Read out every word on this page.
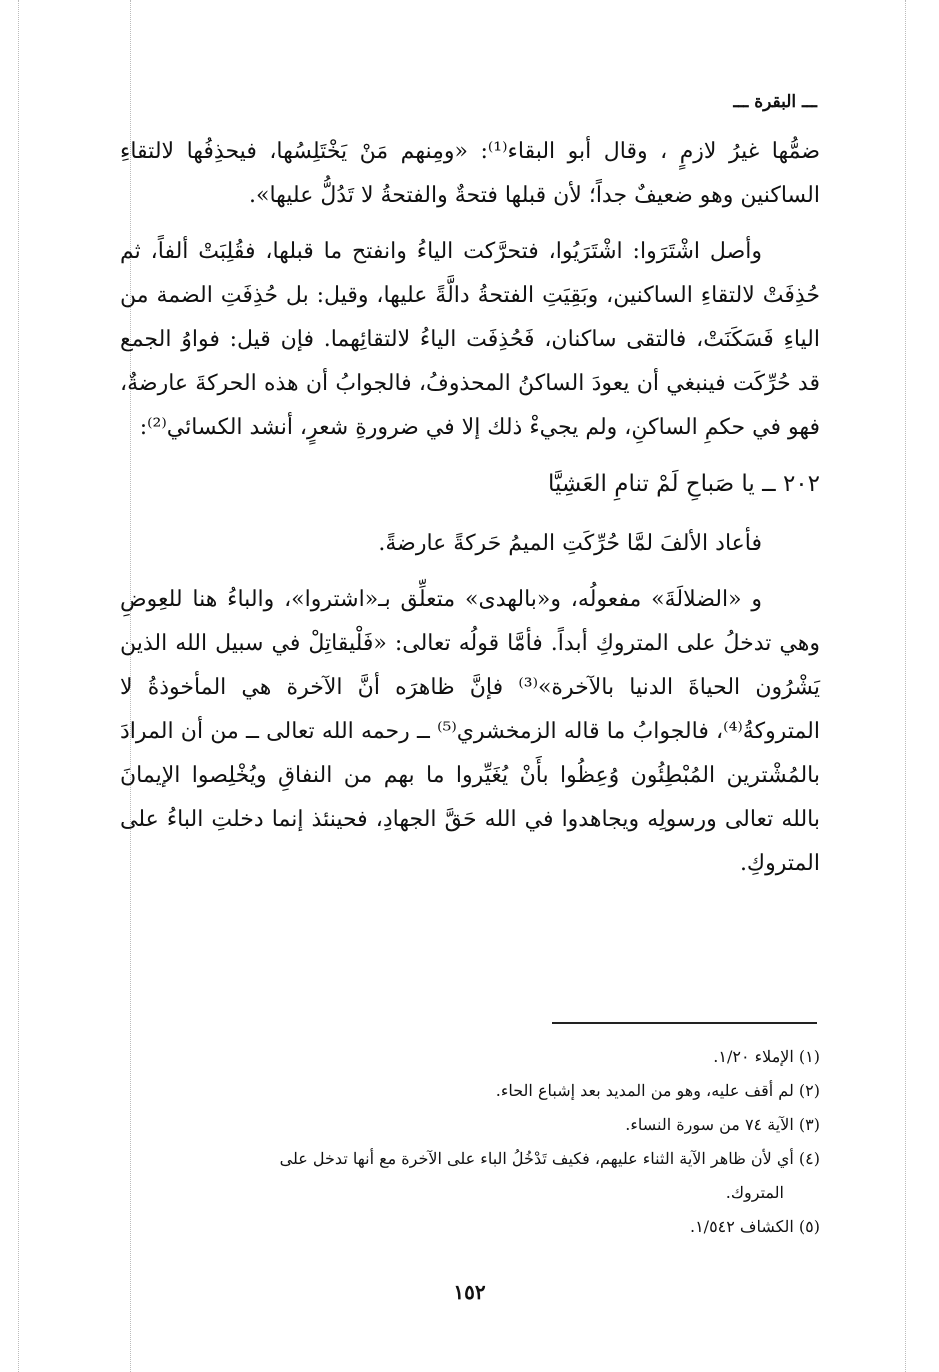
ـــ البقرة ـــ

ضمُّها غيرُ لازمٍ ، وقال أبو البقاء⁽¹⁾: «ومِنهم مَنْ يَخْتَلِسُها، فيحذِفُها لالتقاءِ الساكنين وهو ضعيفٌ جداً؛ لأن قبلها فتحةٌ والفتحةُ لا تَدُلُّ عليها».

وأصل اشْتَرَوا: اشْتَرَيُوا، فتحرَّكت الياءُ وانفتح ما قبلها، فقُلِبَتْ ألفاً، ثم حُذِفَتْ لالتقاءِ الساكنين، وبَقِيَتِ الفتحةُ دالَّةً عليها، وقيل: بل حُذِفَتِ الضمة من الياءِ فَسَكَنَتْ، فالتقى ساكنان، فَحُذِفَت الياءُ لالتقائِهما. فإن قيل: فواوُ الجمع قد حُرِّكَت فينبغي أن يعودَ الساكنُ المحذوفُ، فالجوابُ أن هذه الحركةَ عارضةٌ، فهو في حكمِ الساكنِ، ولم يجيءْ ذلك إلا في ضرورةِ شعرٍ، أنشد الكسائي⁽²⁾:

٢٠٢ ــ يا صَباحِ لَمْ تنامِ العَشِيَّا

فأعاد الألفَ لمَّا حُرِّكَتِ الميمُ حَركةً عارضةً.

و «الضلالَةَ» مفعولُه، و«بالهدى» متعلِّق بـ«اشتروا»، والباءُ هنا للعِوضِ وهي تدخلُ على المتروكِ أبداً. فأمَّا قولُه تعالى: «فَلْيقاتِلْ في سبيل الله الذين يَشْرُون الحياةَ الدنيا بالآخرة»⁽³⁾ فإنَّ ظاهرَه أنَّ الآخرة هي المأخوذةُ لا المتروكةُ⁽⁴⁾، فالجوابُ ما قاله الزمخشري⁽⁵⁾ ــ رحمه الله تعالى ــ من أن المرادَ بالمُشْترين المُبْطِئُون وُعِظُوا بأَنْ يُغَيِّروا ما بهم من النفاقِ ويُخْلِصوا الإيمانَ بالله تعالى ورسولِه ويجاهدوا في الله حَقَّ الجهادِ، فحينئذ إنما دخلتِ الباءُ على المتروكِ.

(١) الإملاء ١/٢٠.

(٢) لم أقف عليه، وهو من المديد بعد إشباع الحاء.

(٣) الآية ٧٤ من سورة النساء.

(٤) أي لأن ظاهر الآية الثناء عليهم، فكيف تَدْخُلُ الباء على الآخرة مع أنها تدخل على

المتروك.

(٥) الكشاف ١/٥٤٢.

١٥٢
